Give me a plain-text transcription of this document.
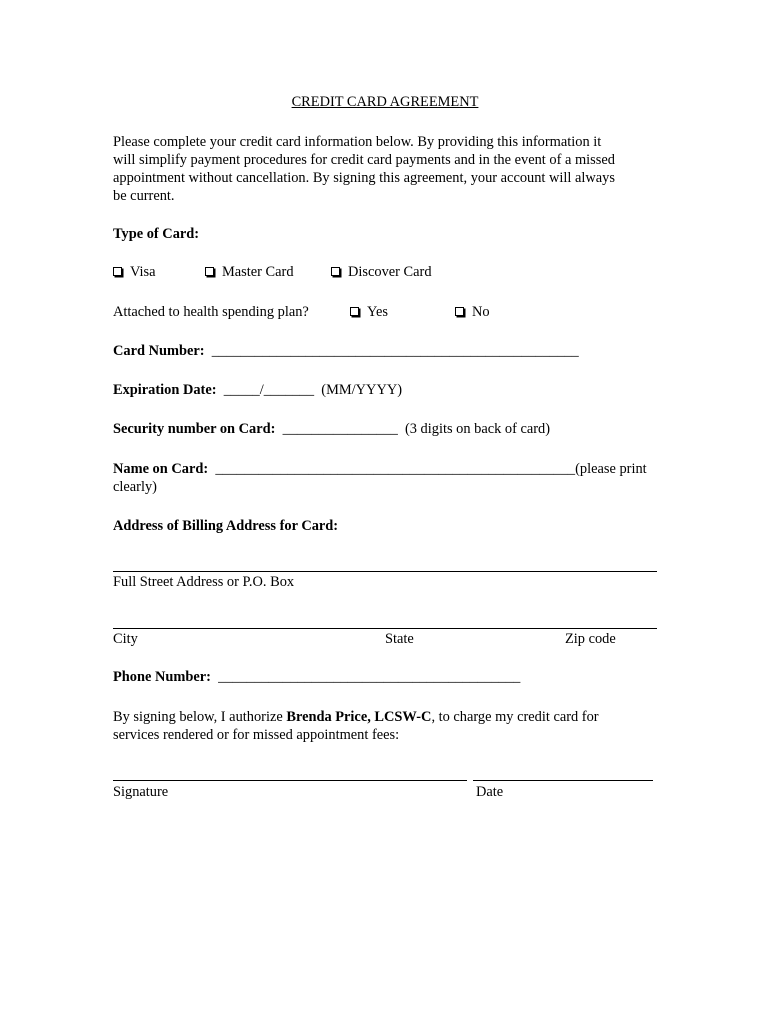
CREDIT CARD AGREEMENT
Please complete your credit card information below. By providing this information it
will simplify payment procedures for credit card payments and in the event of a missed
appointment without cancellation. By signing this agreement, your account will always
be current.
Type of Card:
Visa	Master Card	Discover Card
Attached to health spending plan?	Yes	No
Card Number: ___________________________________________________
Expiration Date: _____/_______ (MM/YYYY)
Security number on Card: ________________ (3 digits on back of card)
Name on Card: __________________________________________________(please print
clearly)
Address of Billing Address for Card:
Full Street Address or P.O. Box
City	State	Zip code
Phone Number: __________________________________________
By signing below, I authorize Brenda Price, LCSW-C, to charge my credit card for
services rendered or for missed appointment fees:
Signature	Date
